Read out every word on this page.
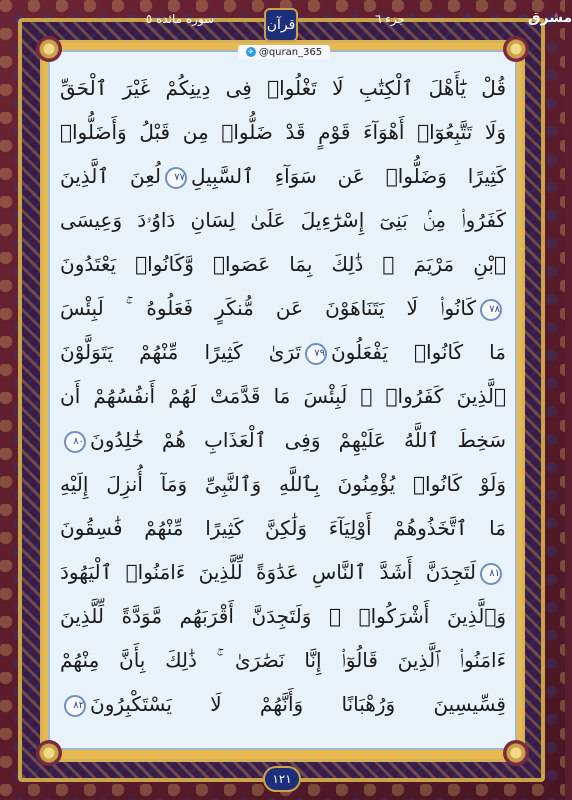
سوره مائده ٥	قرآن	جزء ٦	مشرق
✈ @quran_365
قُلْ يَٰٓأَهْلَ ٱلْكِتَٰبِ لَا تَغْلُوا۟ فِى دِينِكُمْ غَيْرَ ٱلْحَقِّ
وَلَا تَتَّبِعُوٓا۟ أَهْوَآءَ قَوْمٍ قَدْ ضَلُّوا۟ مِن قَبْلُ وَأَضَلُّوا۟
كَثِيرًا وَضَلُّوا۟ عَن سَوَآءِ ٱلسَّبِيلِ٧٧لُعِنَ ٱلَّذِينَ
كَفَرُوا۟ مِنۢ بَنِىٓ إِسْرَٰٓءِيلَ عَلَىٰ لِسَانِ دَاوُۥدَ وَعِيسَى
ٱبْنِ مَرْيَمَ ۚ ذَٰلِكَ بِمَا عَصَوا۟ وَّكَانُوا۟ يَعْتَدُونَ
٧٨كَانُوا۟ لَا يَتَنَاهَوْنَ عَن مُّنكَرٍ فَعَلُوهُ ۚ لَبِئْسَ
مَا كَانُوا۟ يَفْعَلُونَ٧٩تَرَىٰ كَثِيرًا مِّنْهُمْ يَتَوَلَّوْنَ
ٱلَّذِينَ كَفَرُوا۟ ۚ لَبِئْسَ مَا قَدَّمَتْ لَهُمْ أَنفُسُهُمْ أَن
سَخِطَ ٱللَّهُ عَلَيْهِمْ وَفِى ٱلْعَذَابِ هُمْ خَٰلِدُونَ٨٠
وَلَوْ كَانُوا۟ يُؤْمِنُونَ بِٱللَّهِ وَٱلنَّبِىِّ وَمَآ أُنزِلَ إِلَيْهِ
مَا ٱتَّخَذُوهُمْ أَوْلِيَآءَ وَلَٰكِنَّ كَثِيرًا مِّنْهُمْ فَٰسِقُونَ
٨١لَتَجِدَنَّ أَشَدَّ ٱلنَّاسِ عَدَٰوَةً لِّلَّذِينَ ءَامَنُوا۟ ٱلْيَهُودَ
وَٱلَّذِينَ أَشْرَكُوا۟ ۖ وَلَتَجِدَنَّ أَقْرَبَهُم مَّوَدَّةً لِّلَّذِينَ
ءَامَنُوا۟ ٱلَّذِينَ قَالُوٓا۟ إِنَّا نَصَٰرَىٰ ۚ ذَٰلِكَ بِأَنَّ مِنْهُمْ
قِسِّيسِينَ وَرُهْبَانًا وَأَنَّهُمْ لَا يَسْتَكْبِرُونَ٨٢
١٢١
